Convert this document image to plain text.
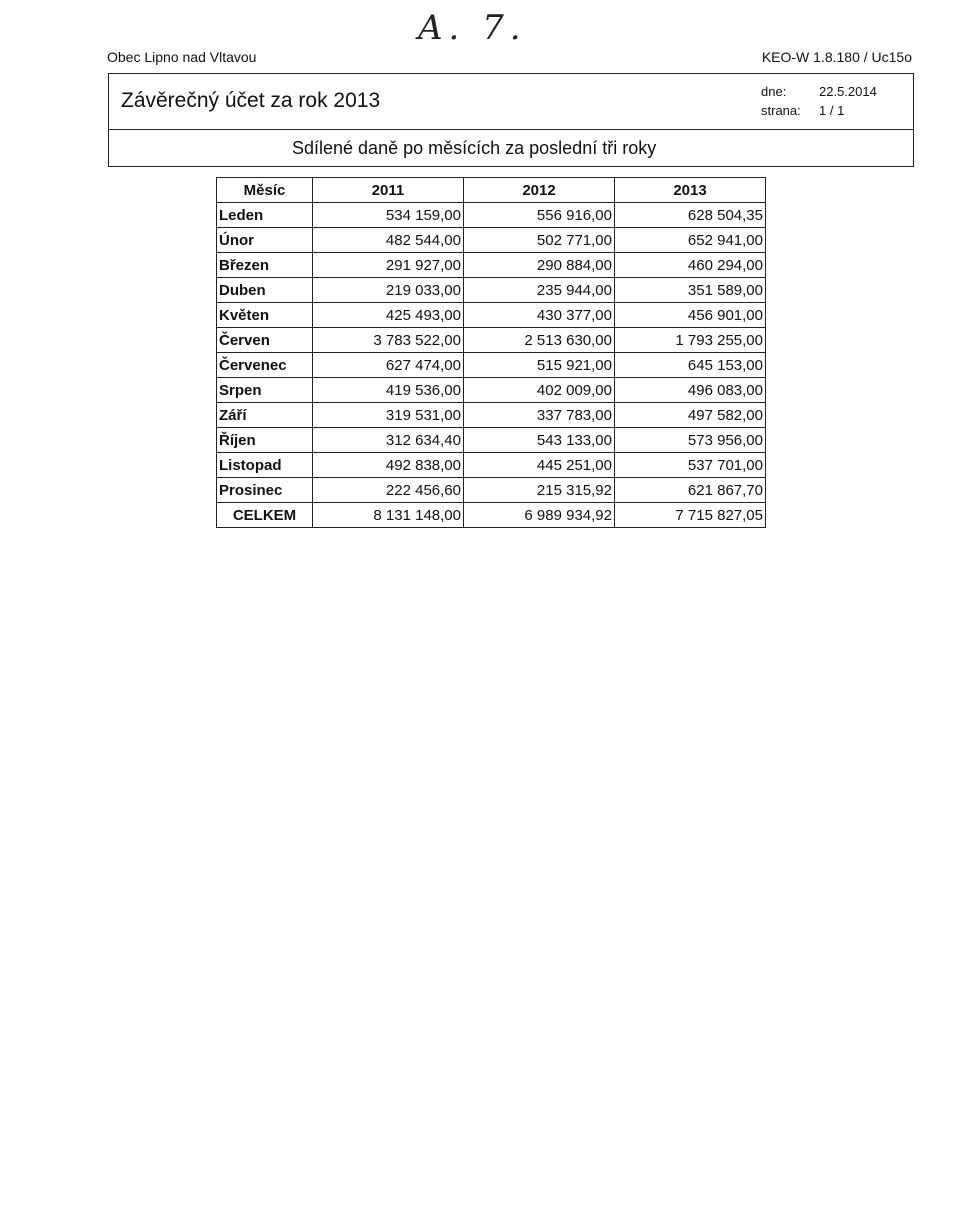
A. 7.
Obec Lipno nad Vltavou	KEO-W 1.8.180 / Uc15o
Závěrečný účet za rok 2013	dne:	22.5.2014
strana:	1 / 1
Sdílené daně po měsících za poslední tři roky
Měsíc	2011	2012	2013
Leden	534 159,00	556 916,00	628 504,35
Únor	482 544,00	502 771,00	652 941,00
Březen	291 927,00	290 884,00	460 294,00
Duben	219 033,00	235 944,00	351 589,00
Květen	425 493,00	430 377,00	456 901,00
Červen	3 783 522,00	2 513 630,00	1 793 255,00
Červenec	627 474,00	515 921,00	645 153,00
Srpen	419 536,00	402 009,00	496 083,00
Září	319 531,00	337 783,00	497 582,00
Říjen	312 634,40	543 133,00	573 956,00
Listopad	492 838,00	445 251,00	537 701,00
Prosinec	222 456,60	215 315,92	621 867,70
CELKEM	8 131 148,00	6 989 934,92	7 715 827,05
